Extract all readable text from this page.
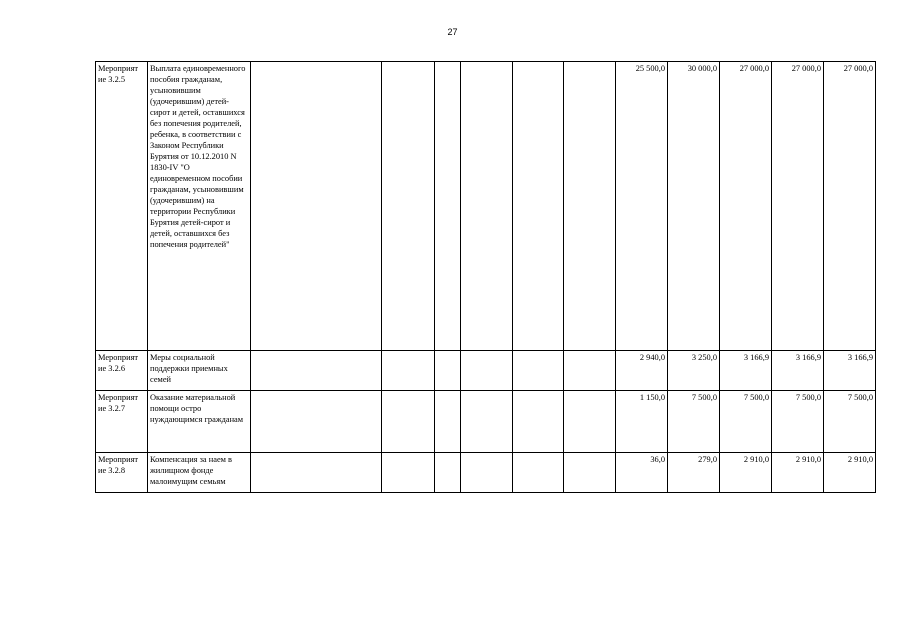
27
Мероприят ие 3.2.5	Выплата единовременного пособия гражданам, усыновившим (удочерившим) детей-сирот и детей, оставшихся без попечения родителей, ребенка, в соответствии с Законом Республики Бурятия от 10.12.2010 N 1830-IV "О единовременном пособии гражданам, усыновившим (удочерившим) на территории Республики Бурятия детей-сирот и детей, оставшихся без попечения родителей"							25 500,0	30 000,0	27 000,0	27 000,0	27 000,0
Мероприят ие 3.2.6	Меры социальной поддержки приемных семей							2 940,0	3 250,0	3 166,9	3 166,9	3 166,9
Мероприят ие 3.2.7	Оказание материальной помощи остро нуждающимся гражданам							1 150,0	7 500,0	7 500,0	7 500,0	7 500,0
Мероприят ие 3.2.8	Компенсация за наем в жилищном фонде малоимущим семьям							36,0	279,0	2 910,0	2 910,0	2 910,0
